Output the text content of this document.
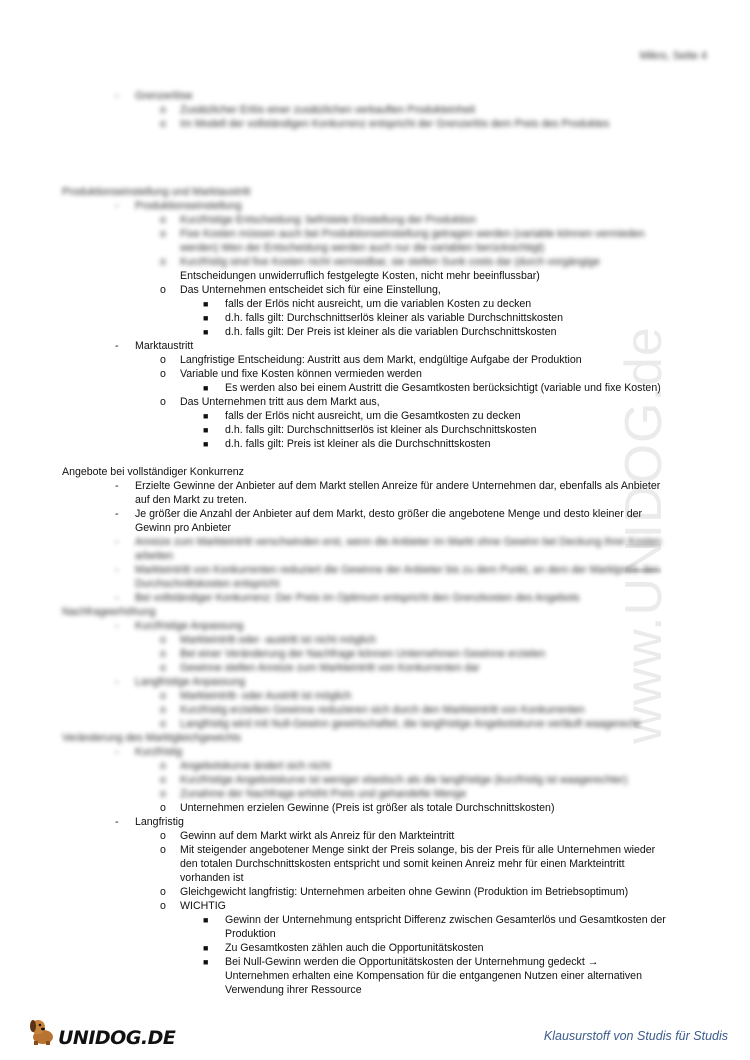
Mikro, Seite 4
www.UNIDOG.de
- Grenzerlöse
o Zusätzlicher Erlös einer zusätzlichen verkauften Produkteinheit
o Im Modell der vollständigen Konkurrenz entspricht der Grenzerlös dem Preis des Produktes
Produktionseinstellung und Marktaustritt
- Produktionseinstellung
o Kurzfristige Entscheidung: befristete Einstellung der Produktion
o Fixe Kosten müssen auch bei Produktionseinstellung getragen werden (variable können vermieden
werden) Wen der Entscheidung werden auch nur die variablen berücksichtigt)
o Kurzfristig sind fixe Kosten nicht vermeidbar, sie stellen Sunk costs dar (durch vorgängige
Entscheidungen unwiderruflich festgelegte Kosten, nicht mehr beeinflussbar)
o Das Unternehmen entscheidet sich für eine Einstellung,
■ falls der Erlös nicht ausreicht, um die variablen Kosten zu decken
■ d.h. falls gilt: Durchschnittserlös kleiner als variable Durchschnittskosten
■ d.h. falls gilt: Der Preis ist kleiner als die variablen Durchschnittskosten
- Marktaustritt
o Langfristige Entscheidung: Austritt aus dem Markt, endgültige Aufgabe der Produktion
o Variable und fixe Kosten können vermieden werden
■ Es werden also bei einem Austritt die Gesamtkosten berücksichtigt (variable und fixe Kosten)
o Das Unternehmen tritt aus dem Markt aus,
■ falls der Erlös nicht ausreicht, um die Gesamtkosten zu decken
■ d.h. falls gilt: Durchschnittserlös ist kleiner als Durchschnittskosten
■ d.h. falls gilt: Preis ist kleiner als die Durchschnittskosten
Angebote bei vollständiger Konkurrenz
- Erzielte Gewinne der Anbieter auf dem Markt stellen Anreize für andere Unternehmen dar, ebenfalls als Anbieter
auf den Markt zu treten.
- Je größer die Anzahl der Anbieter auf dem Markt, desto größer die angebotene Menge und desto kleiner der
Gewinn pro Anbieter
- Anreize zum Markteintritt verschwinden erst, wenn die Anbieter im Markt ohne Gewinn bei Deckung ihrer Kosten
arbeiten
- Markteintritt von Konkurrenten reduziert die Gewinne der Anbieter bis zu dem Punkt, an dem der Marktpreis den
Durchschnittskosten entspricht
- Bei vollständiger Konkurrenz: Der Preis im Optimum entspricht den Grenzkosten des Angebots
Nachfrageerhöhung
- Kurzfristige Anpassung
o Markteintritt oder -austritt ist nicht möglich
o Bei einer Veränderung der Nachfrage können Unternehmen Gewinne erzielen
o Gewinne stellen Anreize zum Markteintritt von Konkurrenten dar
- Langfristige Anpassung
o Markteintritt- oder Austritt ist möglich
o Kurzfristig erzielten Gewinne reduzieren sich durch den Markteintritt von Konkurrenten
o Langfristig wird mit Null-Gewinn gewirtschaftet, die langfristige Angebotskurve verläuft waagerecht
Veränderung des Marktgleichgewichts
- Kurzfristig
o Angebotskurve ändert sich nicht
o Kurzfristige Angebotskurve ist weniger elastisch als die langfristige (kurzfristig ist waagerechter)
o Zunahme der Nachfrage erhöht Preis und gehandelte Menge
o Unternehmen erzielen Gewinne (Preis ist größer als totale Durchschnittskosten)
- Langfristig
o Gewinn auf dem Markt wirkt als Anreiz für den Markteintritt
o Mit steigender angebotener Menge sinkt der Preis solange, bis der Preis für alle Unternehmen wieder
den totalen Durchschnittskosten entspricht und somit keinen Anreiz mehr für einen Markteintritt
vorhanden ist
o Gleichgewicht langfristig: Unternehmen arbeiten ohne Gewinn (Produktion im Betriebsoptimum)
o WICHTIG
■ Gewinn der Unternehmung entspricht Differenz zwischen Gesamterlös und Gesamtkosten der
Produktion
■ Zu Gesamtkosten zählen auch die Opportunitätskosten
■ Bei Null-Gewinn werden die Opportunitätskosten der Unternehmung gedeckt →
Unternehmen erhalten eine Kompensation für die entgangenen Nutzen einer alternativen
Verwendung ihrer Ressource
UNIDOG.DE	Klausurstoff von Studis für Studis
